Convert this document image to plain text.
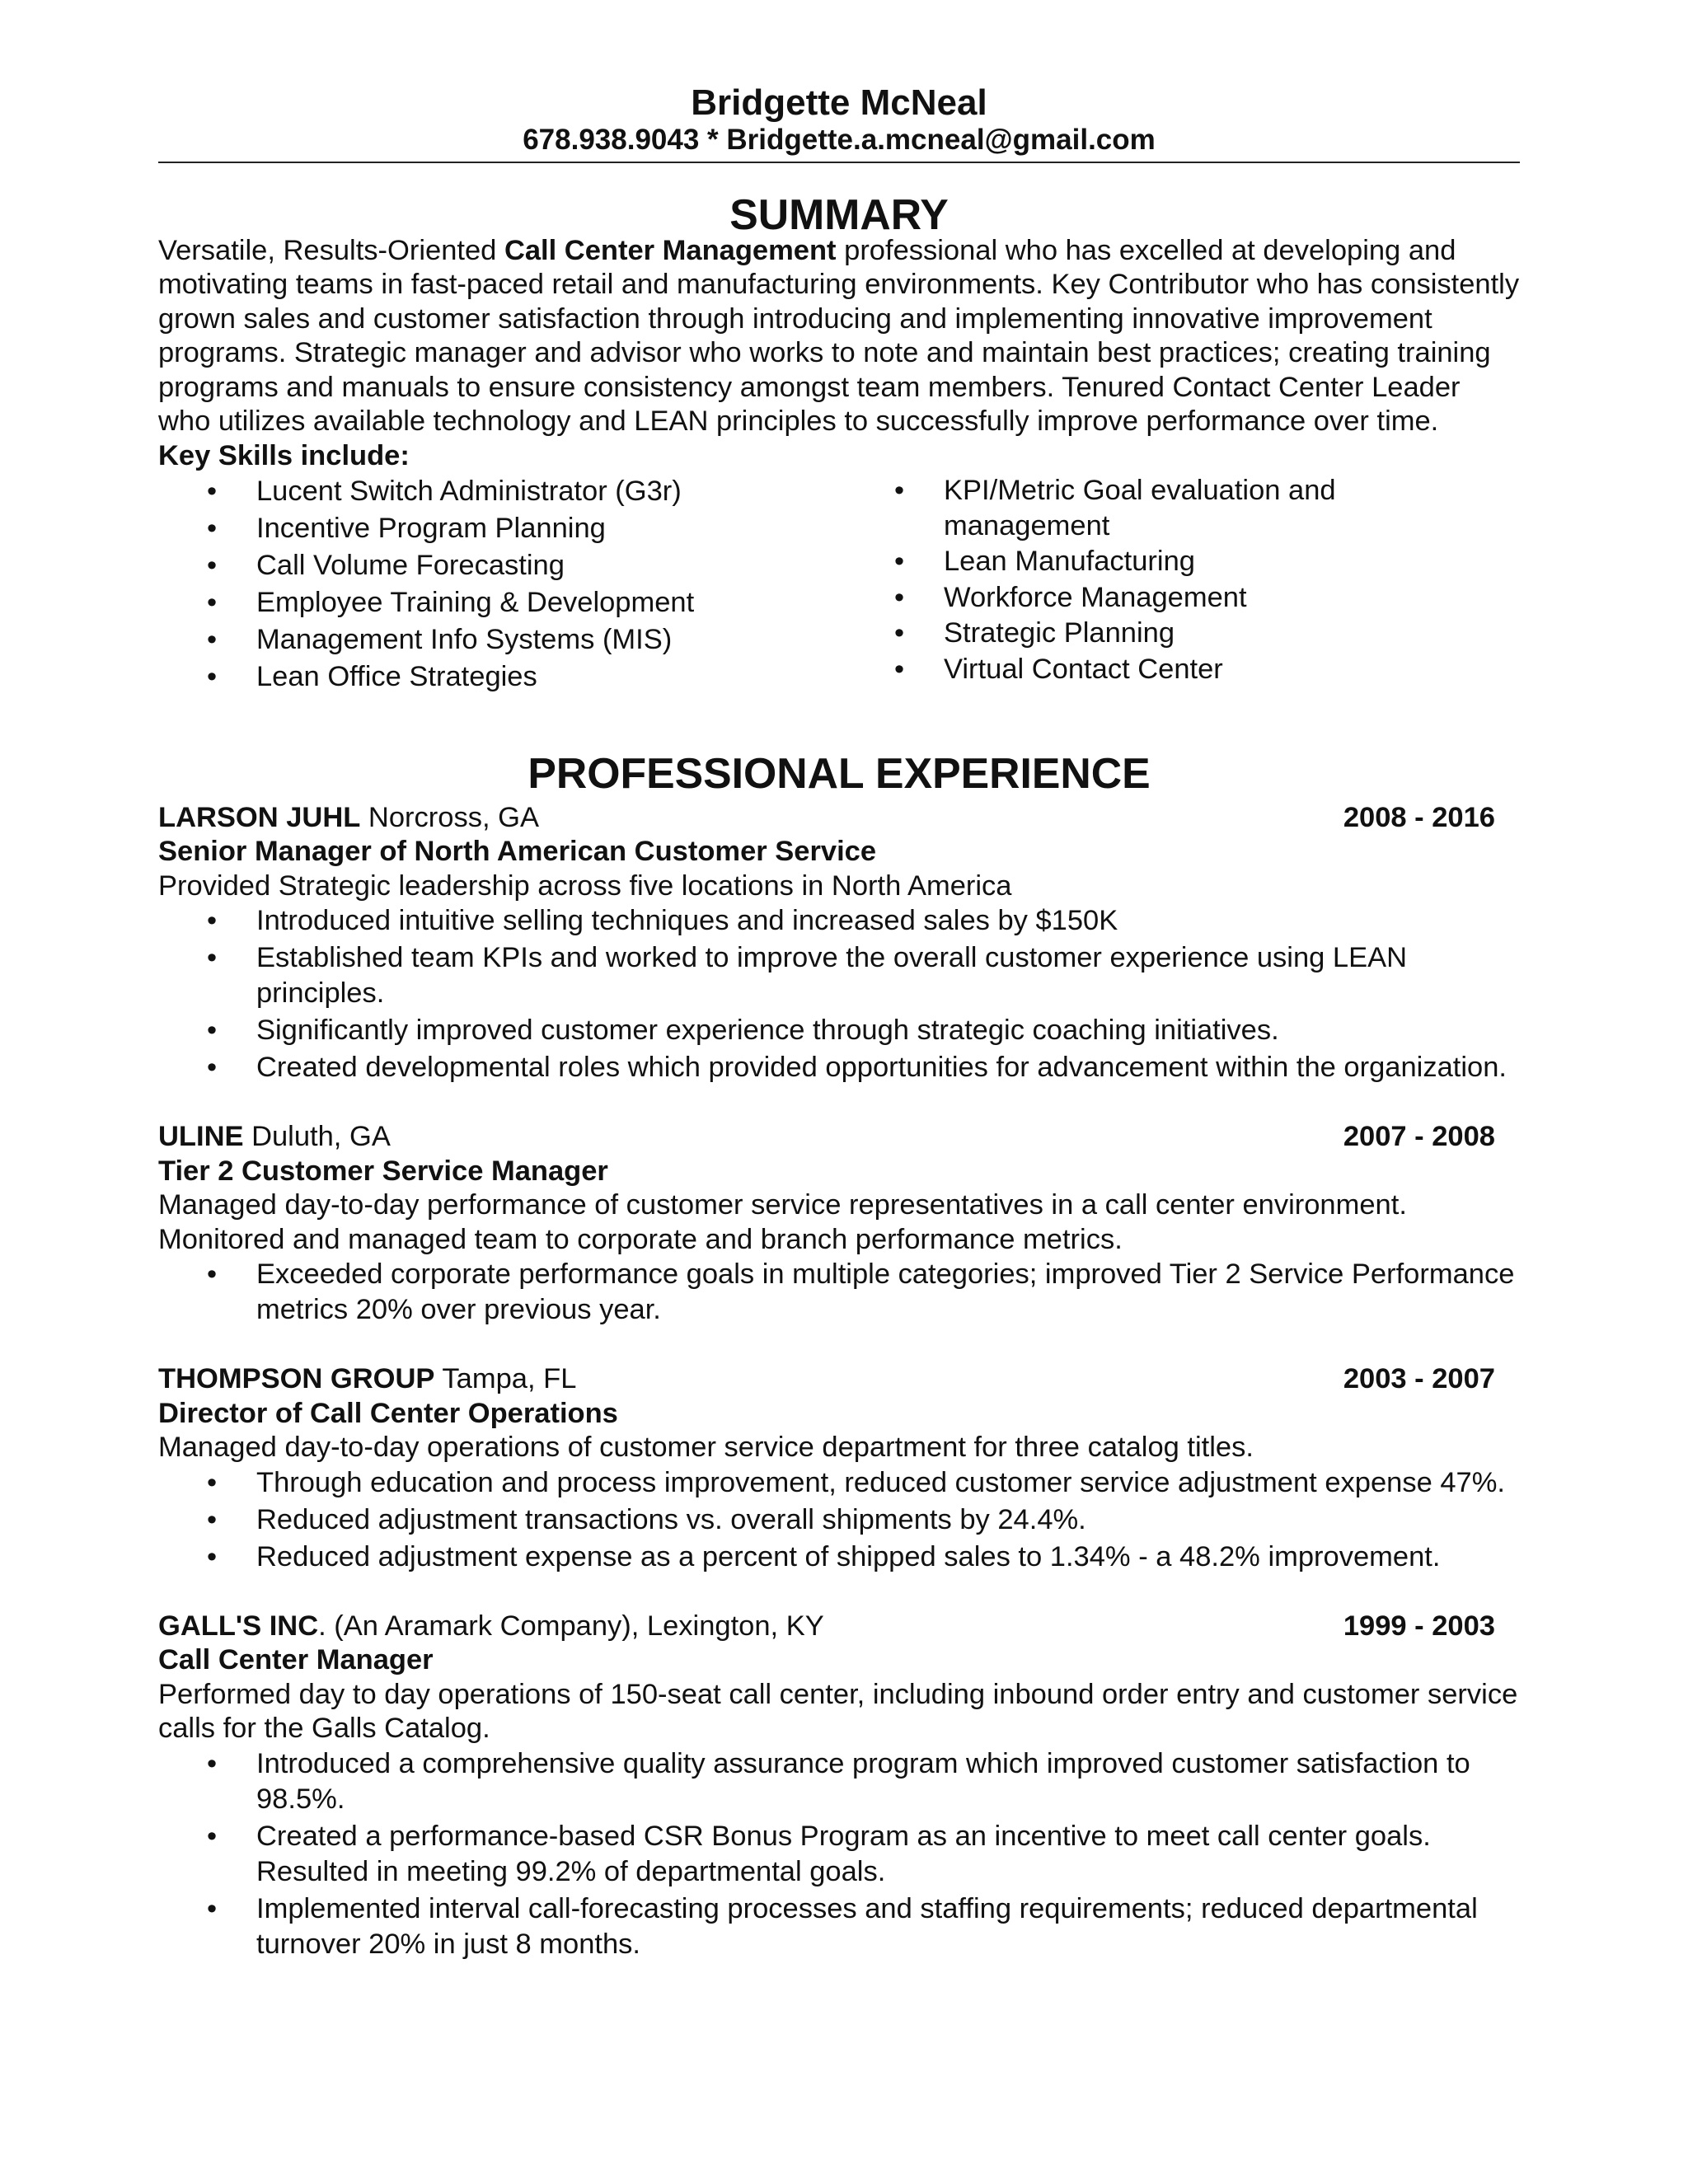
Bridgette McNeal
678.938.9043 * Bridgette.a.mcneal@gmail.com
SUMMARY

Versatile, Results-Oriented Call Center Management professional who has excelled at developing and motivating teams in fast-paced retail and manufacturing environments. Key Contributor who has consistently grown sales and customer satisfaction through introducing and implementing innovative improvement programs. Strategic manager and advisor who works to note and maintain best practices; creating training programs and manuals to ensure consistency amongst team members. Tenured Contact Center Leader who utilizes available technology and LEAN principles to successfully improve performance over time.

Key Skills include:
• Lucent Switch Administrator (G3r)
• Incentive Program Planning
• Call Volume Forecasting
• Employee Training & Development
• Management Info Systems (MIS)
• Lean Office Strategies
• KPI/Metric Goal evaluation and management
• Lean Manufacturing
• Workforce Management
• Strategic Planning
• Virtual Contact Center
PROFESSIONAL EXPERIENCE
LARSON JUHL Norcross, GA	2008 - 2016
Senior Manager of North American Customer Service

Provided Strategic leadership across five locations in North America

• Introduced intuitive selling techniques and increased sales by $150K
• Established team KPIs and worked to improve the overall customer experience using LEAN principles.
• Significantly improved customer experience through strategic coaching initiatives.
• Created developmental roles which provided opportunities for advancement within the organization.
ULINE Duluth, GA	2007 - 2008
Tier 2 Customer Service Manager

Managed day-to-day performance of customer service representatives in a call center environment. Monitored and managed team to corporate and branch performance metrics.

• Exceeded corporate performance goals in multiple categories; improved Tier 2 Service Performance metrics 20% over previous year.
THOMPSON GROUP Tampa, FL	2003 - 2007
Director of Call Center Operations

Managed day-to-day operations of customer service department for three catalog titles.

• Through education and process improvement, reduced customer service adjustment expense 47%.
• Reduced adjustment transactions vs. overall shipments by 24.4%.
• Reduced adjustment expense as a percent of shipped sales to 1.34% - a 48.2% improvement.
GALL'S INC. (An Aramark Company), Lexington, KY	1999 - 2003
Call Center Manager

Performed day to day operations of 150-seat call center, including inbound order entry and customer service calls for the Galls Catalog.

• Introduced a comprehensive quality assurance program which improved customer satisfaction to 98.5%.
• Created a performance-based CSR Bonus Program as an incentive to meet call center goals. Resulted in meeting 99.2% of departmental goals.
• Implemented interval call-forecasting processes and staffing requirements; reduced departmental turnover 20% in just 8 months.
